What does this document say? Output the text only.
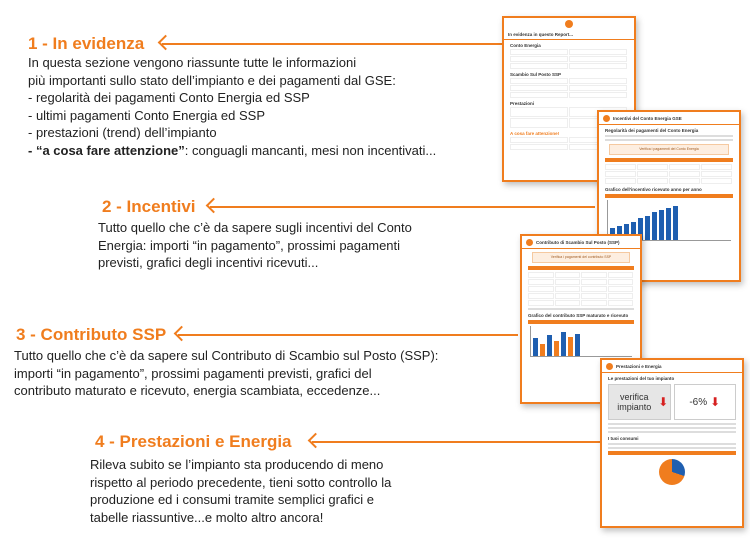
1 - In evidenza
In questa sezione vengono riassunte tutte le informazioni
più importanti sullo stato dell’impianto e dei pagamenti dal GSE:
- regolarità dei pagamenti Conto Energia ed SSP
- ultimi pagamenti Conto Energia ed SSP
- prestazioni (trend) dell’impianto
- “a cosa fare attenzione”: conguagli mancanti, mesi non incentivati...
2 - Incentivi
Tutto quello che c’è da sapere sugli incentivi del Conto
Energia: importi “in pagamento”, prossimi pagamenti
previsti, grafici degli incentivi ricevuti...
3 - Contributo SSP
Tutto quello che c’è da sapere sul Contributo di Scambio sul Posto (SSP):
importi “in pagamento”, prossimi pagamenti previsti, grafici del
contributo maturato e ricevuto, energia scambiata, eccedenze...
4 - Prestazioni e Energia
Rileva subito se l’impianto sta producendo di meno
rispetto al periodo precedente, tieni sotto controllo la
produzione ed i consumi tramite semplici grafici e
tabelle riassuntive...e molto altro ancora!
In evidenza in questo Report...
Conto Energia
Scambio Sul Posto SSP
Prestazioni
A cosa fare attenzione!
Incentivi del Conto Energia GSE
Regolarità dei pagamenti del Conto Energia
Verifica i pagamenti del Conto Energia
Grafico dell’incentivo ricevuto anno per anno
Contributo di Scambio Sul Posto (SSP)
Verifica i pagamenti del contributo SSP
Grafico del contributo SSP maturato e ricevuto
Prestazioni e Energia
Le prestazioni del tuo impianto
verifica impianto ⬇ -6% ⬇
I tuoi consumi
